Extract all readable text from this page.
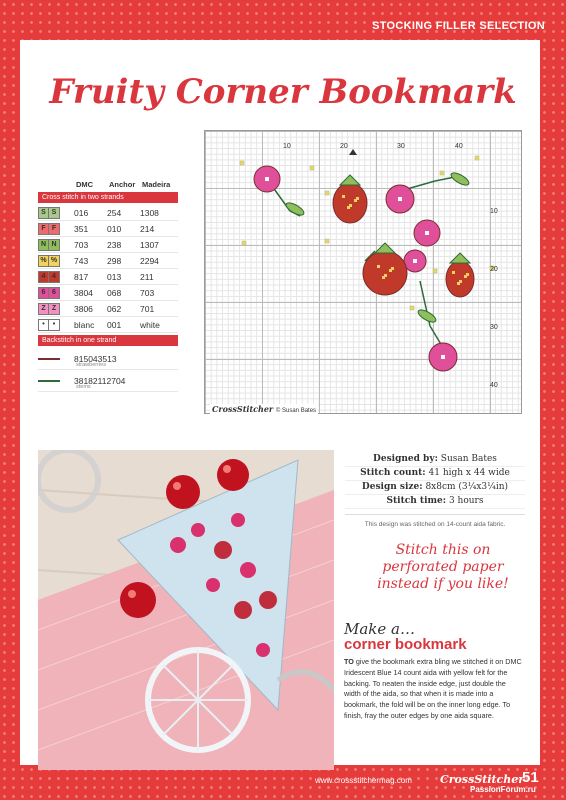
STOCKING FILLER SELECTION
Fruity Corner Bookmark
DMC	Anchor Madeira
Cross stitch in two strands
S S	016	254	1308
F F	351	010	214
N N 703	238	1307
% % 743	298	2294
4 4	817	013	211
6 6	3804	068	703
Z Z	3806	062	701
•	•	blanc	001	white
Backstitch in one strand
815 043 513
strawberries
3818 211 2704
stems
10	20	30	40
10
20
30
40
CrossStitcher © Susan Bates
Designed by: Susan Bates
Stitch count: 41 high x 44 wide
Design size: 8x8cm (3¼x3¼in)
Stitch time: 3 hours
This design was stitched on 14-count aida fabric.
Stitch this on perforated paper instead if you like!
Make a…
corner bookmark
TO give the bookmark extra bling we stitched it on DMC Iridescent Blue 14 count aida with yellow felt for the backing. To neaten the inside edge, just double the width of the aida, so that when it is made into a bookmark, the fold will be on the inner long edge. To finish, fray the outer edges by one aida square.
www.crossstitchermag.com	CrossStitcher
51
PassionForum.ru
